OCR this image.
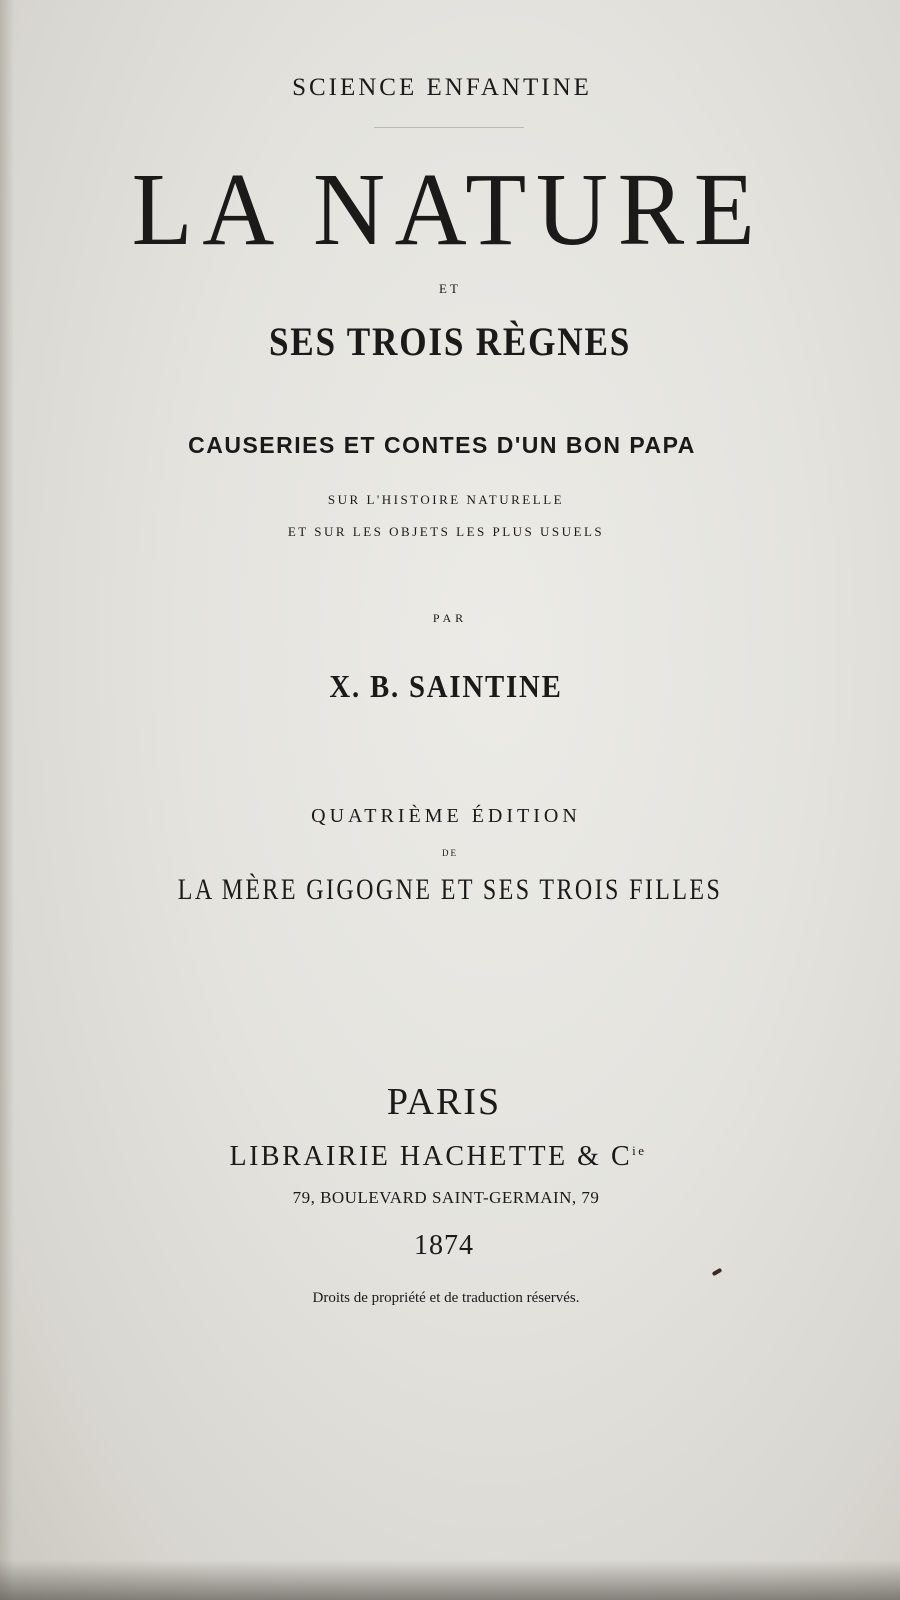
SCIENCE ENFANTINE
LA NATURE
ET
SES TROIS RÈGNES
CAUSERIES ET CONTES D'UN BON PAPA
SUR L'HISTOIRE NATURELLE
ET SUR LES OBJETS LES PLUS USUELS
PAR
X. B. SAINTINE
QUATRIÈME ÉDITION
DE
LA MÈRE GIGOGNE ET SES TROIS FILLES
PARIS
LIBRAIRIE HACHETTE & $C^{ie}$
79, BOULEVARD SAINT-GERMAIN, 79
1874
Droits de propriété et de traduction réservés.
